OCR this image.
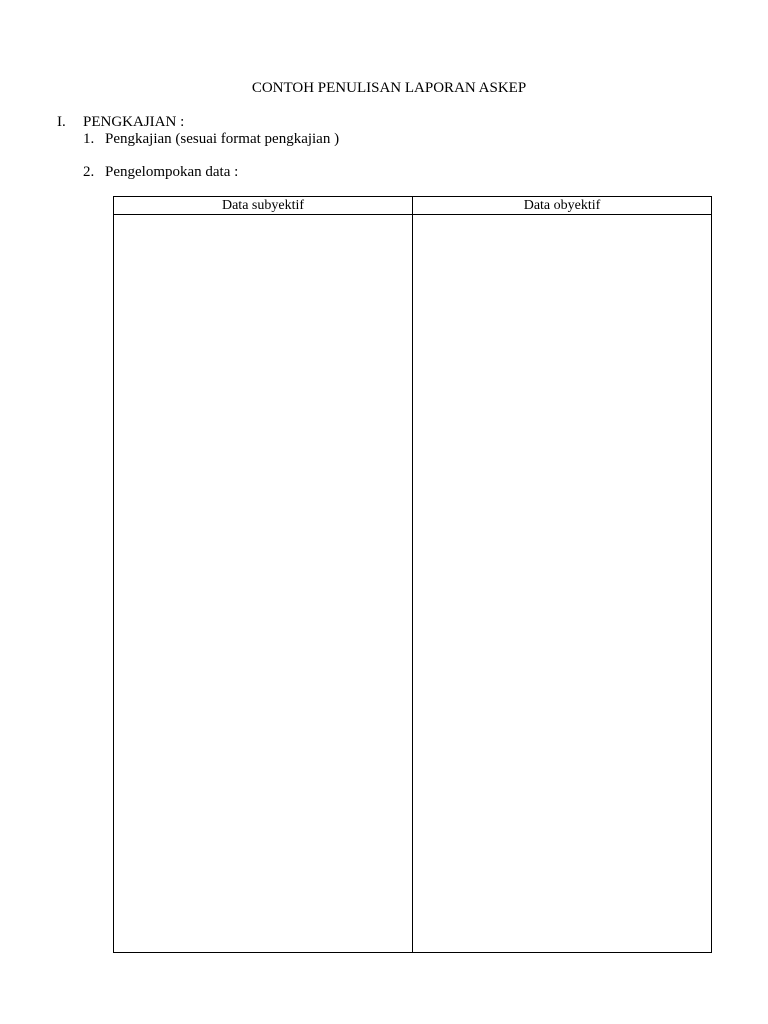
CONTOH PENULISAN LAPORAN ASKEP
I. PENGKAJIAN :
1. Pengkajian (sesuai format pengkajian )
2. Pengelompokan data :
Data subyektif	Data obyektif
